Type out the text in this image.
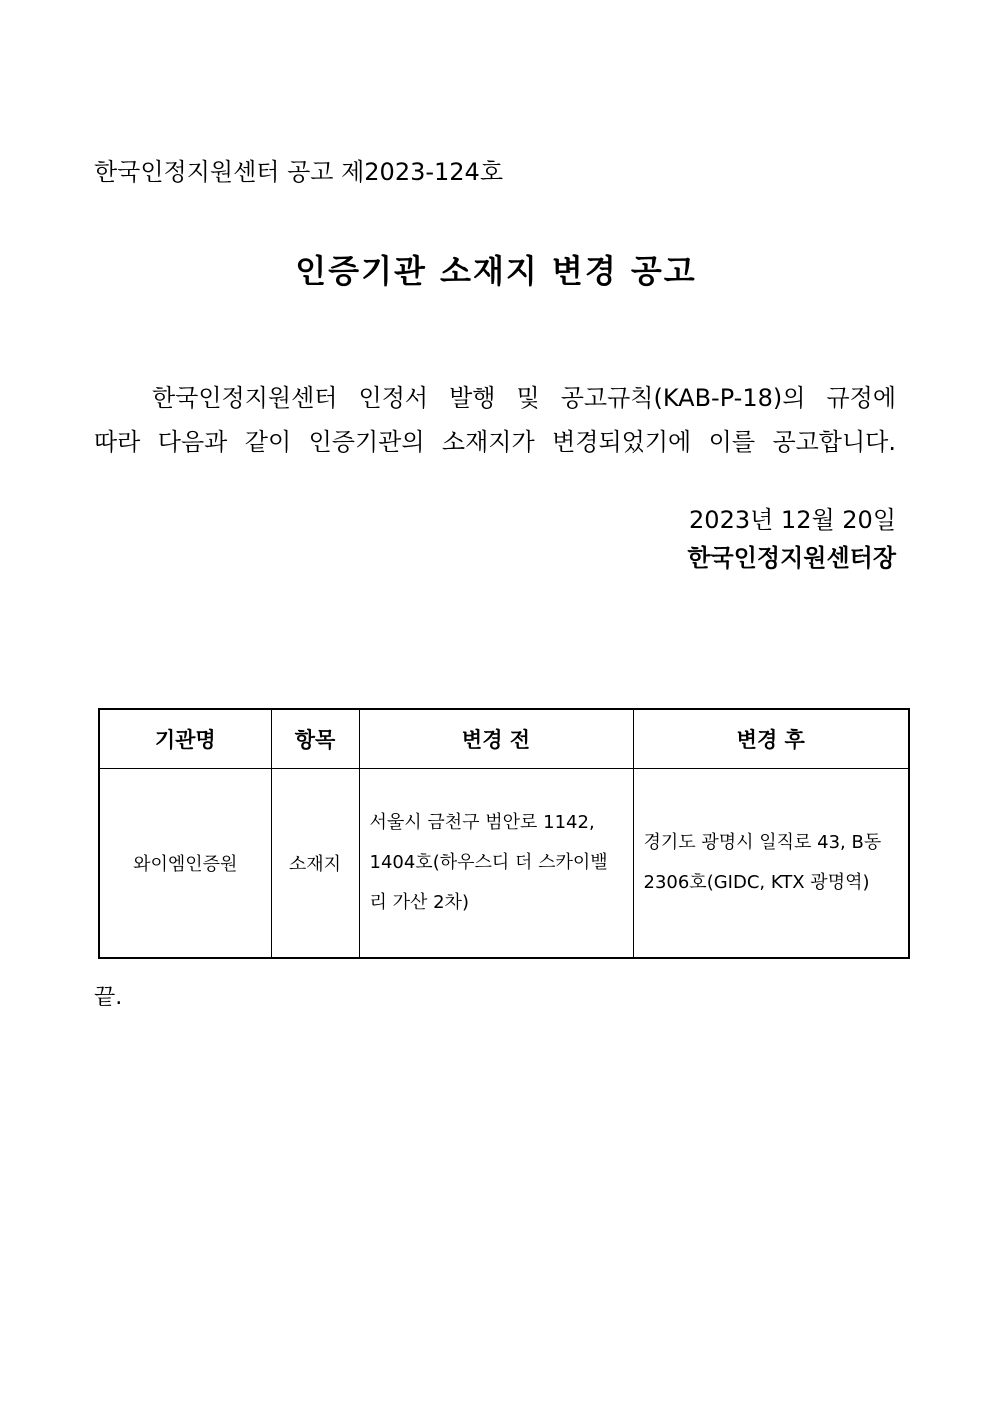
한국인정지원센터 공고 제2023-124호
인증기관 소재지 변경 공고
한국인정지원센터 인정서 발행 및 공고규칙(KAB-P-18)의 규정에
따라 다음과 같이 인증기관의 소재지가 변경되었기에 이를 공고합니다.
2023년 12월 20일
한국인정지원센터장
기관명	항목	변경 전	변경 후
와이엠인증원	소재지	서울시 금천구 범안로 1142, 1404호(하우스디 더 스카이밸리 가산 2차)	경기도 광명시 일직로 43, B동 2306호(GIDC, KTX 광명역)
끝.
